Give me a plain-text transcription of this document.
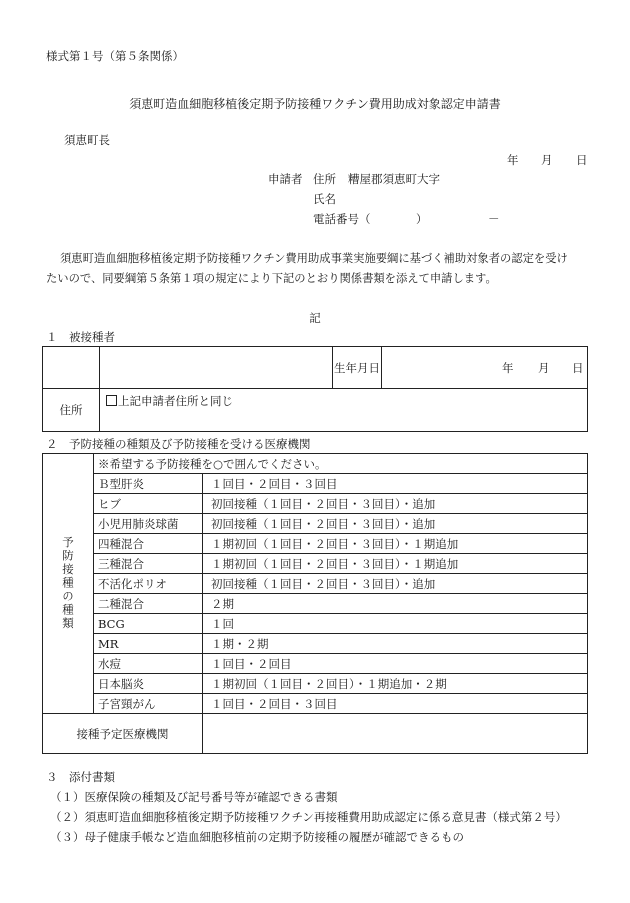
様式第１号（第５条関係）
須恵町造血細胞移植後定期予防接種ワクチン費用助成対象認定申請書
須恵町長
年 月 日
申請者 住所 糟屋郡須恵町大字
氏名
電話番号（	）	－
須恵町造血細胞移植後定期予防接種ワクチン費用助成事業実施要綱に基づく補助対象者の認定を受け
たいので、同要綱第５条第１項の規定により下記のとおり関係書類を添えて申請します。
記
１　被接種者
		生年月日	年 月 日

住所	上記申請者住所と同じ		
２　予防接種の種類及び予防接種を受ける医療機関
予防接種の種類	※希望する予防接種を○で囲んでください。	
	Ｂ型肝炎	１回目・２回目・３回目
	ヒブ	初回接種（１回目・２回目・３回目）・追加
	小児用肺炎球菌	初回接種（１回目・２回目・３回目）・追加
	四種混合	１期初回（１回目・２回目・３回目）・１期追加
	三種混合	１期初回（１回目・２回目・３回目）・１期追加
	不活化ポリオ	初回接種（１回目・２回目・３回目）・追加
	二種混合	２期
	BCG	１回
	MR	１期・２期
	水痘	１回目・２回目
	日本脳炎	１期初回（１回目・２回目）・１期追加・２期
	子宮頸がん	１回目・２回目・３回目
接種予定医療機関		
３　添付書類
（１）医療保険の種類及び記号番号等が確認できる書類
（２）須恵町造血細胞移植後定期予防接種ワクチン再接種費用助成認定に係る意見書（様式第２号）
（３）母子健康手帳など造血細胞移植前の定期予防接種の履歴が確認できるもの
